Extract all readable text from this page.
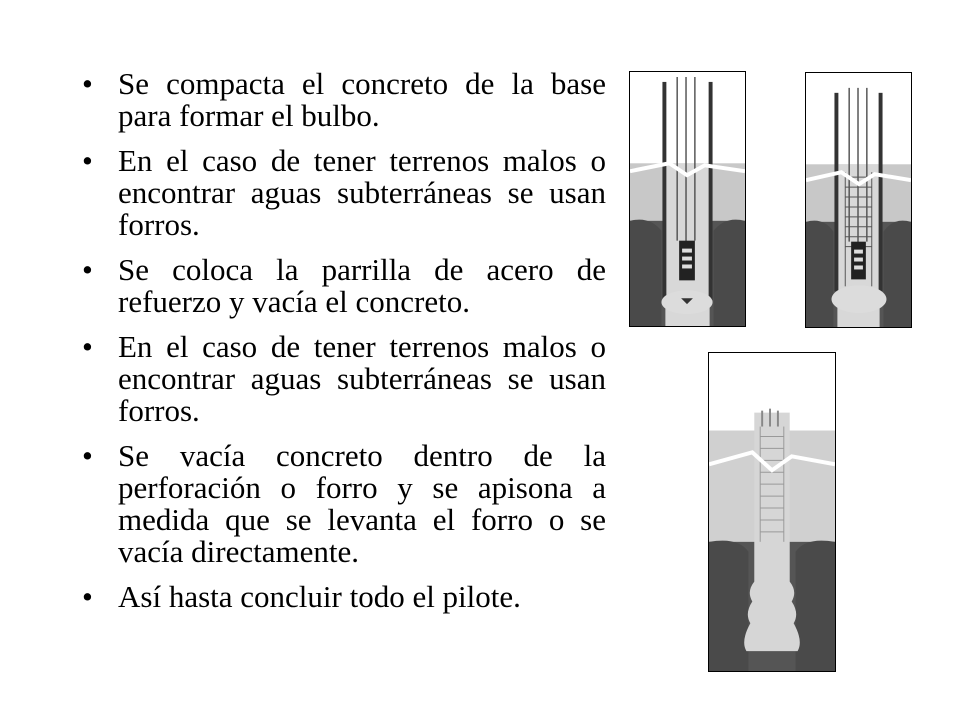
• Se compacta el concreto de la base para formar el bulbo.
• En el caso de tener terrenos malos o encontrar aguas subterráneas se usan forros.
• Se coloca la parrilla de acero de refuerzo y vacía el concreto.
• En el caso de tener terrenos malos o encontrar aguas subterráneas se usan forros.
• Se vacía concreto dentro de la perforación o forro y se apisona a medida que se levanta el forro o se vacía directamente.
• Así hasta concluir todo el pilote.
